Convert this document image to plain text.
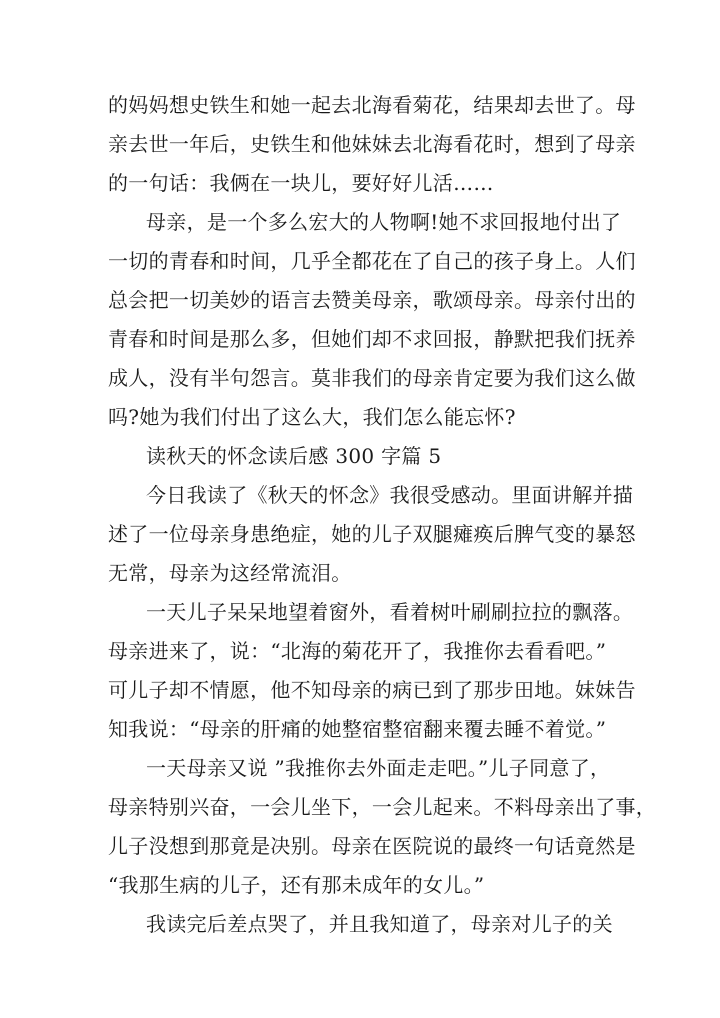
的妈妈想史铁生和她一起去北海看菊花，结果却去世了。母
亲去世一年后，史铁生和他妹妹去北海看花时，想到了母亲
的一句话：我俩在一块儿，要好好儿活……
母亲，是一个多么宏大的人物啊!她不求回报地付出了
一切的青春和时间，几乎全都花在了自己的孩子身上。人们
总会把一切美妙的语言去赞美母亲，歌颂母亲。母亲付出的
青春和时间是那么多，但她们却不求回报，静默把我们抚养
成人，没有半句怨言。莫非我们的母亲肯定要为我们这么做
吗?她为我们付出了这么大，我们怎么能忘怀?
读秋天的怀念读后感 300 字篇 5
今日我读了《秋天的怀念》我很受感动。里面讲解并描
述了一位母亲身患绝症，她的儿子双腿瘫痪后脾气变的暴怒
无常，母亲为这经常流泪。
一天儿子呆呆地望着窗外，看着树叶刷刷拉拉的飘落。
母亲进来了，说：“北海的菊花开了，我推你去看看吧。”
可儿子却不情愿，他不知母亲的病已到了那步田地。妹妹告
知我说：“母亲的肝痛的她整宿整宿翻来覆去睡不着觉。”
一天母亲又说 ”我推你去外面走走吧。”儿子同意了，
母亲特别兴奋，一会儿坐下，一会儿起来。不料母亲出了事，
儿子没想到那竟是决别。母亲在医院说的最终一句话竟然是
“我那生病的儿子，还有那未成年的女儿。”
我读完后差点哭了，并且我知道了，母亲对儿子的关
